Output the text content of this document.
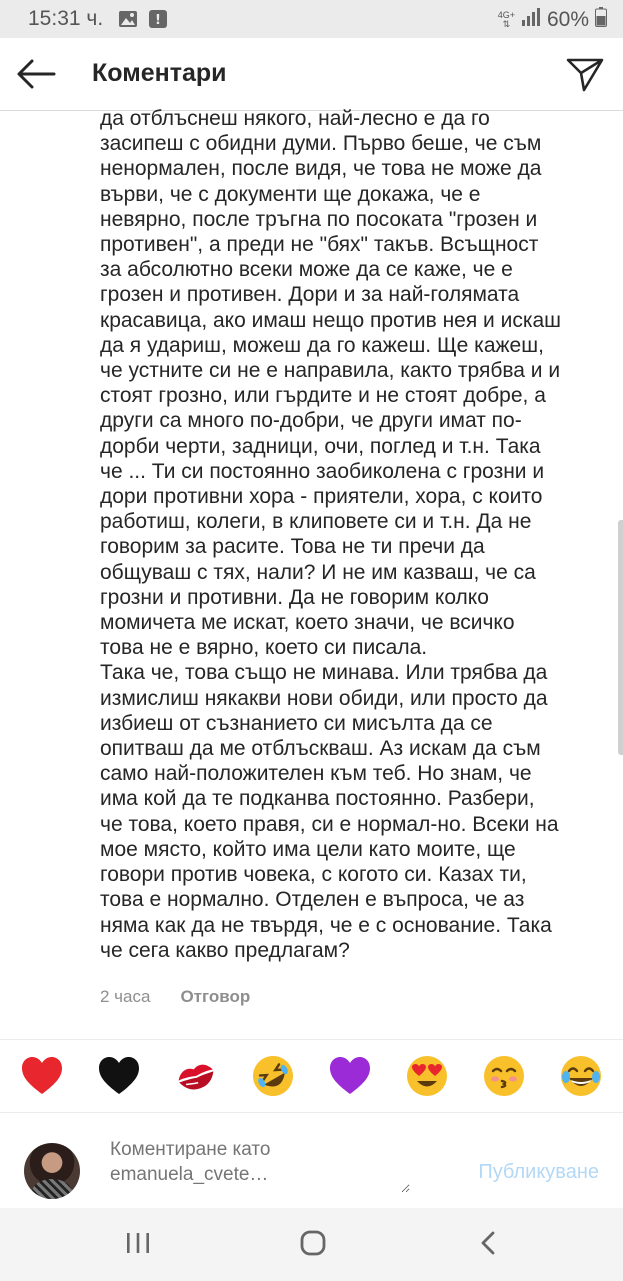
15:31 ч.	!	4G+
⇅ 60%
Коментари

да отблъснеш някого, най-лесно е да го засипеш с обидни думи. Първо беше, че съм ненормален, после видя, че това не може да върви, че с документи ще докажа, че е невярно, после тръгна по посоката "грозен и противен", а преди не "бях" такъв. Всъщност за абсолютно всеки може да се каже, че е грозен и противен. Дори и за най-голямата красавица, ако имаш нещо против нея и искаш да я удариш, можеш да го кажеш. Ще кажеш, че устните си не е направила, както трябва и и стоят грозно, или гърдите и не стоят добре, а други са много по-добри, че други имат по-дорби черти, задници, очи, поглед и т.н. Така че ... Ти си постоянно заобиколена с грозни и дори противни хора - приятели, хора, с които работиш, колеги, в клиповете си и т.н. Да не говорим за расите. Това не ти пречи да общуваш с тях, нали? И не им казваш, че са грозни и противни. Да не говорим колко момичета ме искат, което значи, че всичко това не е вярно, което си писала.

Така че, това също не минава. Или трябва да измислиш някакви нови обиди, или просто да избиеш от съзнанието си мисълта да се опитваш да ме отблъскваш. Аз искам да съм само най-положителен към теб. Но знам, че има кой да те подканва постоянно. Разбери, че това, което правя, си е нормал-но. Всеки на мое място, който има цели като моите, ще говори против човека, с когото си. Казах ти, това е нормално. Отделен е въпроса, че аз няма как да не твърдя, че е с основание. Така че сега какво предлагам?

2 часа Отговор
Коментиране като emanuela_cvete…
Публикуване
